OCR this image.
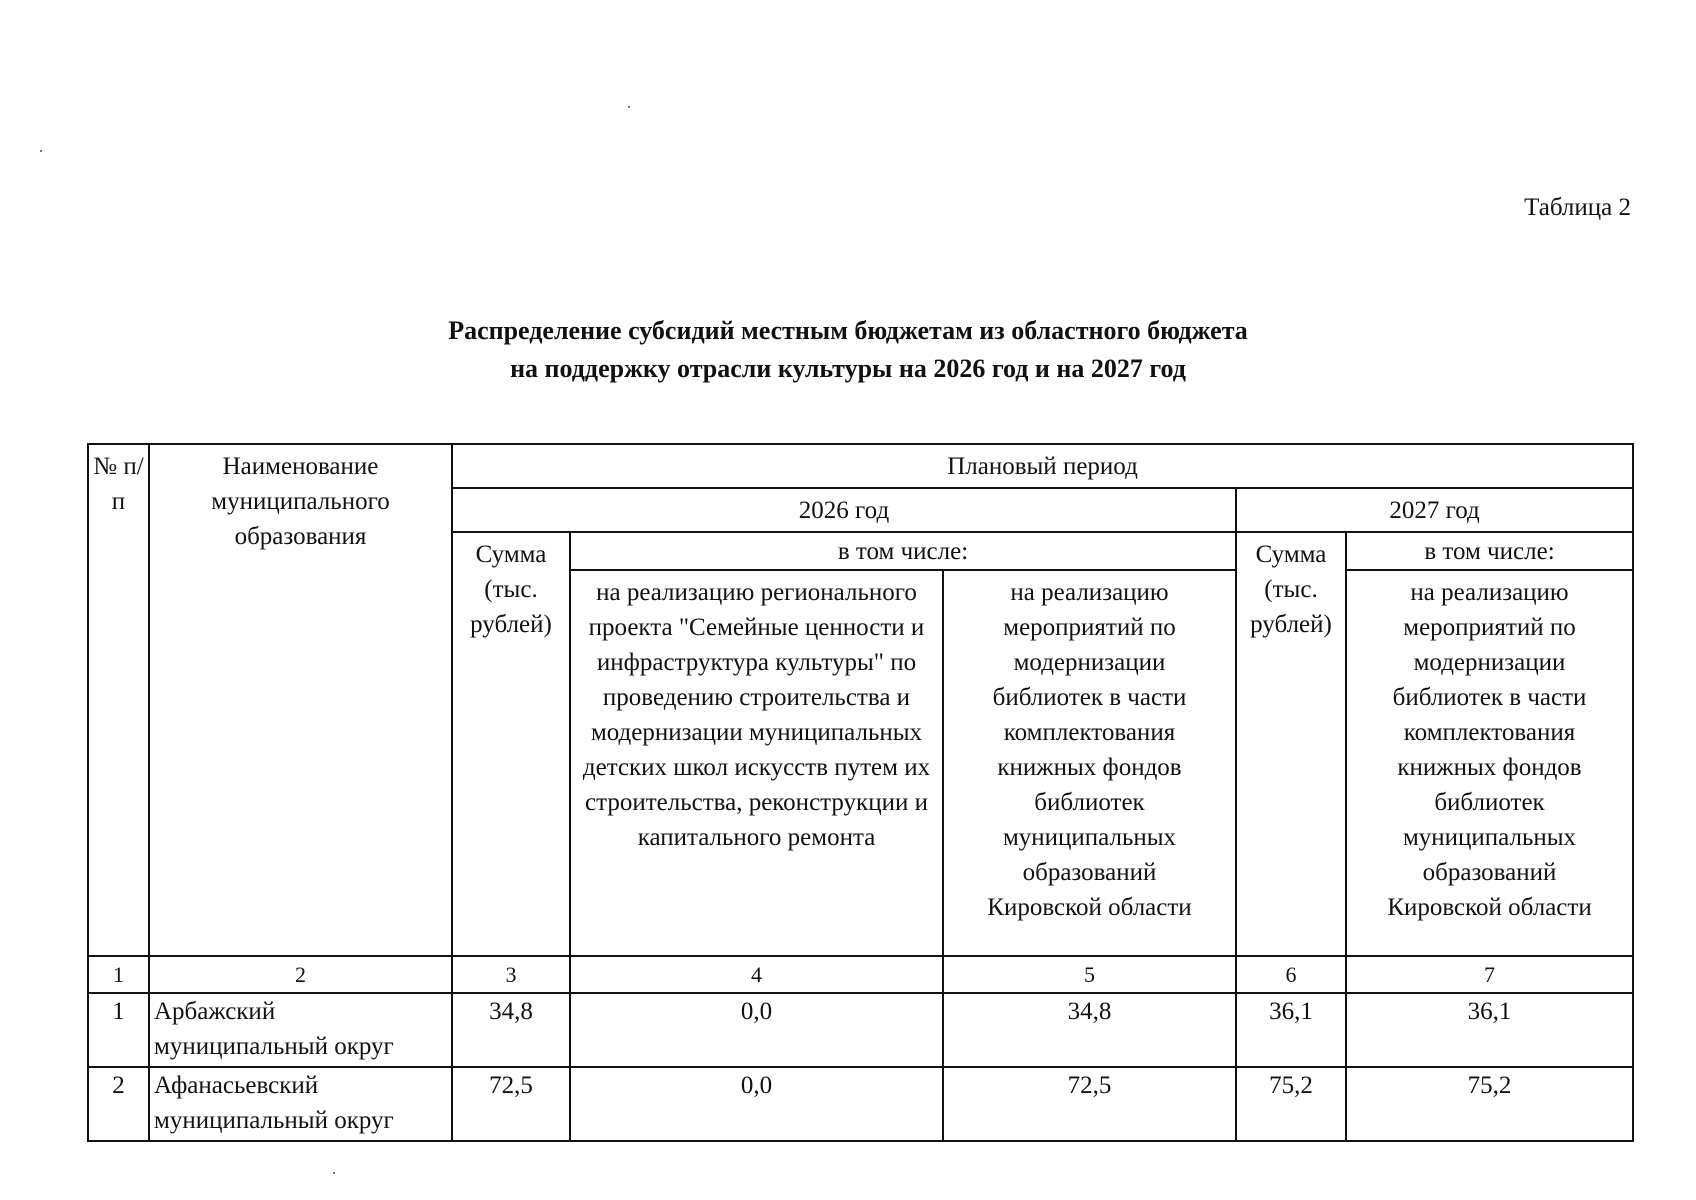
Таблица 2
Распределение субсидий местным бюджетам из областного бюджета
на поддержку отрасли культуры на 2026 год и на 2027 год
№ п/п	Наименование муниципального образования	Плановый период				
		2026 год			2027 год	
		Сумма (тыс. рублей)	в том числе:		Сумма (тыс. рублей)	в том числе:
			на реализацию регионального проекта "Семейные ценности и инфраструктура культуры" по проведению строительства и модернизации муниципальных детских школ искусств путем их строительства, реконструкции и капитального ремонта	на реализацию мероприятий по модернизации библиотек в части комплектования книжных фондов библиотек муниципальных образований Кировской области		на реализацию мероприятий по модернизации библиотек в части комплектования книжных фондов библиотек муниципальных образований Кировской области
1	2	3	4	5	6	7
1	Арбажский муниципальный округ	34,8	0,0	34,8	36,1	36,1
2	Афанасьевский муниципальный округ	72,5	0,0	72,5	75,2	75,2
